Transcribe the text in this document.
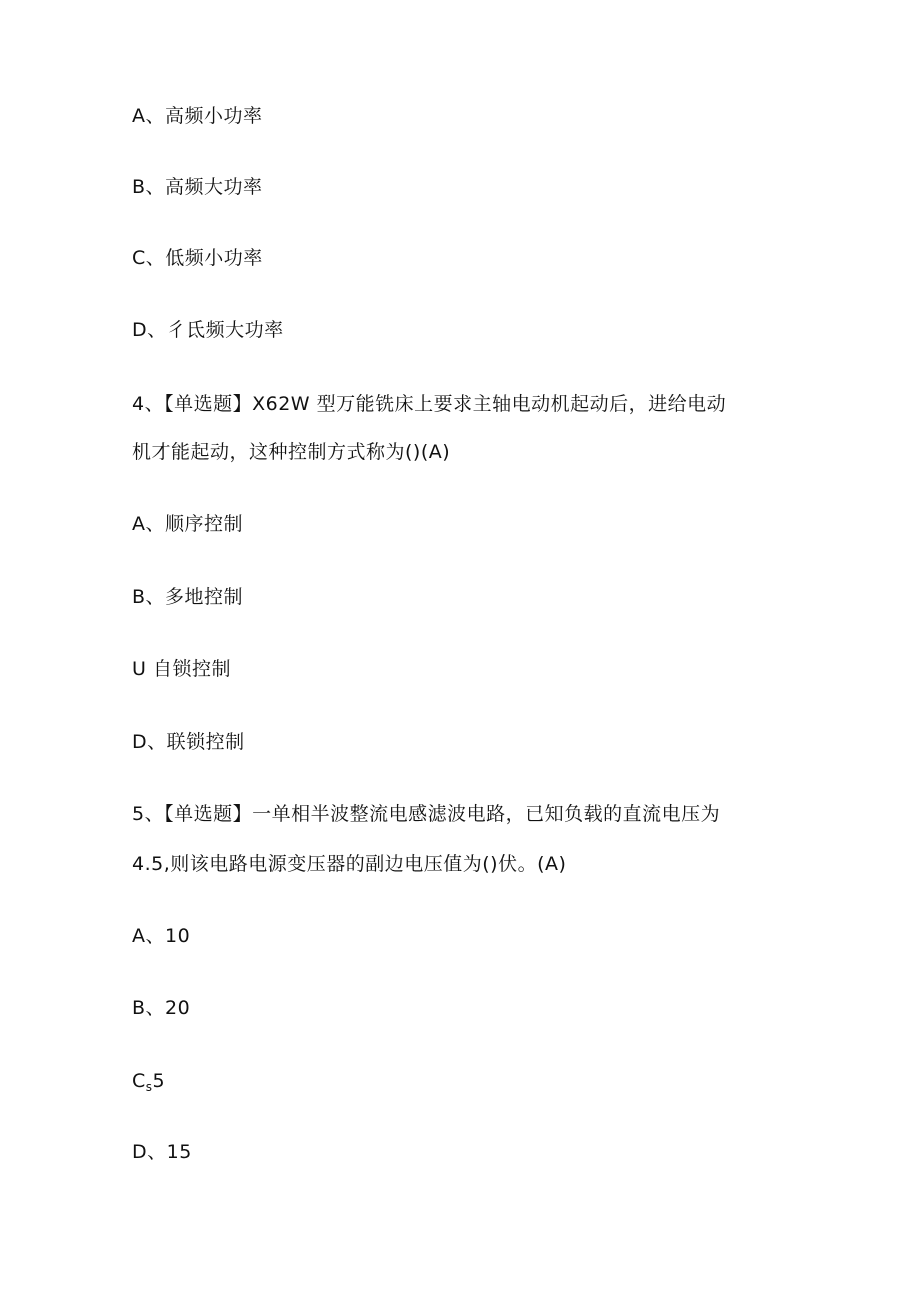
A、高频小功率
B、高频大功率
C、低频小功率
D、彳氐频大功率
4、【单选题】X62W 型万能铣床上要求主轴电动机起动后，进给电动
机才能起动，这种控制方式称为()(A)
A、顺序控制
B、多地控制
U 自锁控制
D、联锁控制
5、【单选题】一单相半波整流电感滤波电路，已知负载的直流电压为
4.5,则该电路电源变压器的副边电压值为()伏。(A)
A、10
B、20
$C_s5$
D、15
